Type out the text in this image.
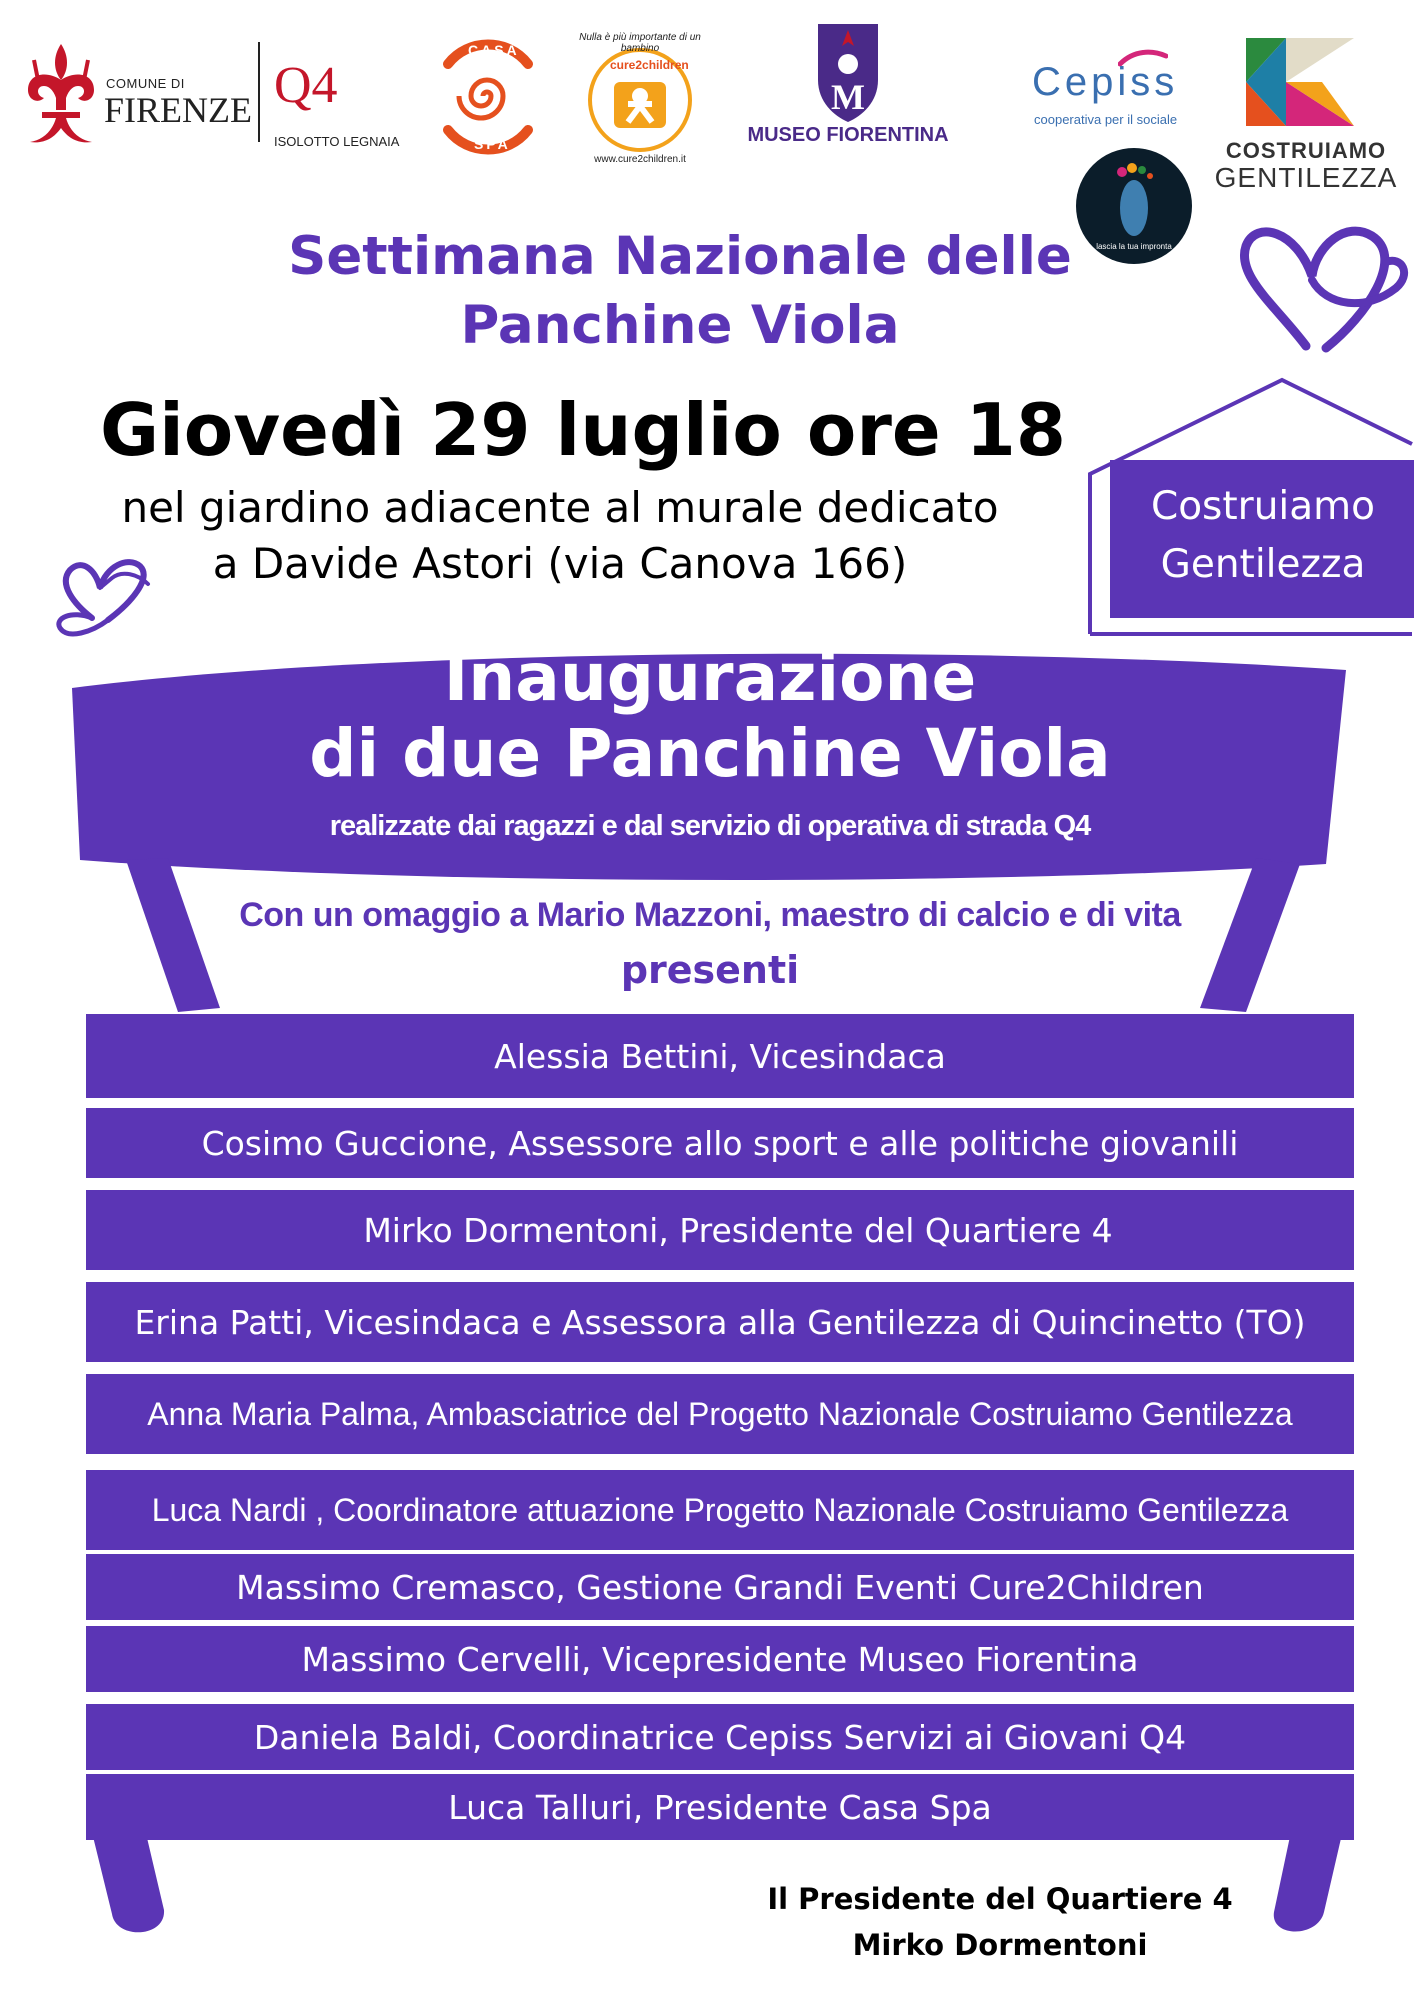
COMUNE DI
FIRENZE Q4
ISOLOTTO LEGNAIA
CASA
SPA
cure2children
Nulla è più importante di un bambino
www.cure2children.it
M
MUSEO FIORENTINA
Cepiss
cooperativa per il sociale
COSTRUIAMO
GENTILEZZA
lascia la tua impronta
Settimana Nazionale delle
Panchine Viola
Giovedì 29 luglio ore 18
nel giardino adiacente al murale dedicato
a Davide Astori (via Canova 166)
Costruiamo
Gentilezza
Inaugurazione
di due Panchine Viola
realizzate dai ragazzi e dal servizio di operativa di strada Q4
Con un omaggio a Mario Mazzoni, maestro di calcio e di vita
presenti
Alessia Bettini, Vicesindaca
Cosimo Guccione, Assessore allo sport e alle politiche giovanili
Mirko Dormentoni, Presidente del Quartiere 4
Erina Patti, Vicesindaca e Assessora alla Gentilezza di Quincinetto (TO)
Anna Maria Palma, Ambasciatrice del Progetto Nazionale Costruiamo Gentilezza
Luca Nardi , Coordinatore attuazione Progetto Nazionale Costruiamo Gentilezza
Massimo Cremasco, Gestione Grandi Eventi Cure2Children
Massimo Cervelli, Vicepresidente Museo Fiorentina
Daniela Baldi, Coordinatrice Cepiss Servizi ai Giovani Q4
Luca Talluri, Presidente Casa Spa
Il Presidente del Quartiere 4
Mirko Dormentoni
